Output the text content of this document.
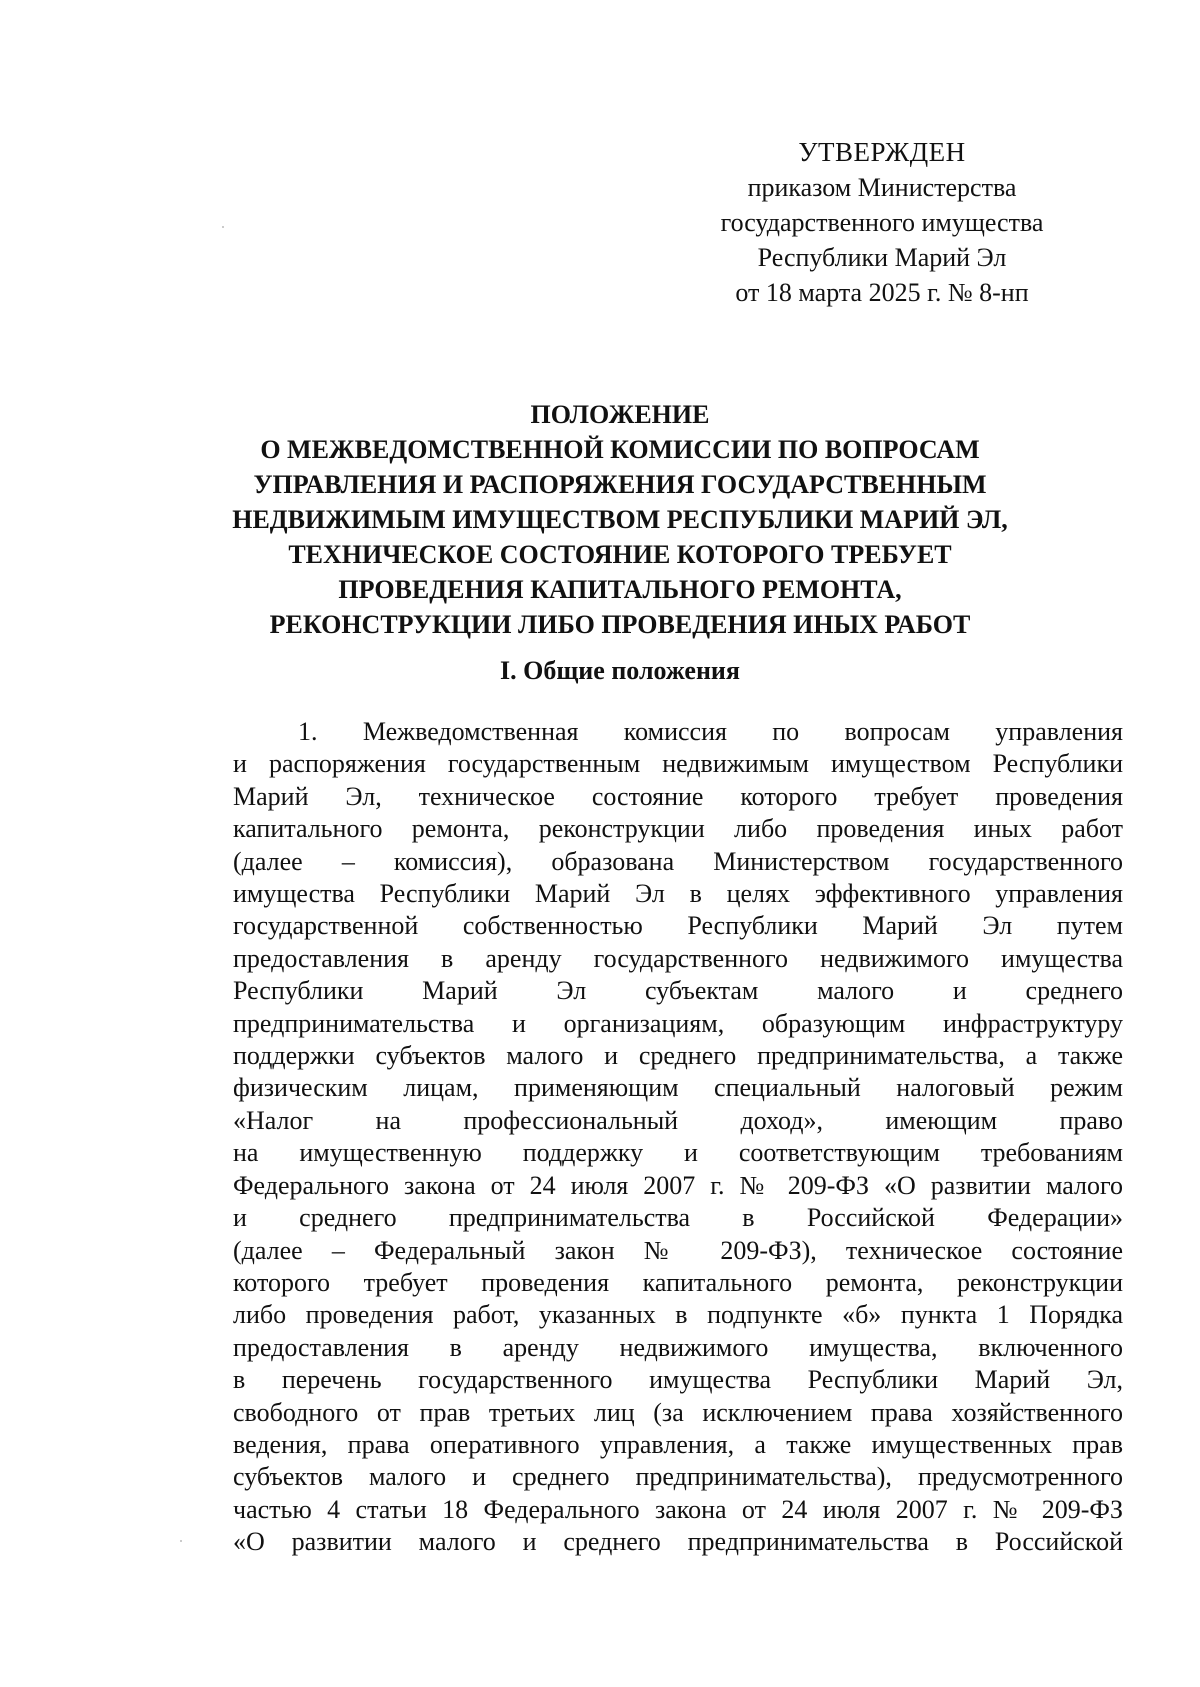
УТВЕРЖДЕН
приказом Министерства
государственного имущества
Республики Марий Эл
от 18 марта 2025 г. № 8-нп
ПОЛОЖЕНИЕ
О МЕЖВЕДОМСТВЕННОЙ КОМИССИИ ПО ВОПРОСАМ
УПРАВЛЕНИЯ И РАСПОРЯЖЕНИЯ ГОСУДАРСТВЕННЫМ
НЕДВИЖИМЫМ ИМУЩЕСТВОМ РЕСПУБЛИКИ МАРИЙ ЭЛ,
ТЕХНИЧЕСКОЕ СОСТОЯНИЕ КОТОРОГО ТРЕБУЕТ
ПРОВЕДЕНИЯ КАПИТАЛЬНОГО РЕМОНТА,
РЕКОНСТРУКЦИИ ЛИБО ПРОВЕДЕНИЯ ИНЫХ РАБОТ
I. Общие положения
1. Межведомственная комиссия по вопросам управления
и распоряжения государственным недвижимым имуществом Республики
Марий Эл, техническое состояние которого требует проведения
капитального ремонта, реконструкции либо проведения иных работ
(далее – комиссия), образована Министерством государственного
имущества Республики Марий Эл в целях эффективного управления
государственной собственностью Республики Марий Эл путем
предоставления в аренду государственного недвижимого имущества
Республики Марий Эл субъектам малого и среднего
предпринимательства и организациям, образующим инфраструктуру
поддержки субъектов малого и среднего предпринимательства, а также
физическим лицам, применяющим специальный налоговый режим
«Налог на профессиональный доход», имеющим право
на имущественную поддержку и соответствующим требованиям
Федерального закона от 24 июля 2007 г. № 209-ФЗ «О развитии малого
и среднего предпринимательства в Российской Федерации»
(далее – Федеральный закон № 209-ФЗ), техническое состояние
которого требует проведения капитального ремонта, реконструкции
либо проведения работ, указанных в подпункте «б» пункта 1 Порядка
предоставления в аренду недвижимого имущества, включенного
в перечень государственного имущества Республики Марий Эл,
свободного от прав третьих лиц (за исключением права хозяйственного
ведения, права оперативного управления, а также имущественных прав
субъектов малого и среднего предпринимательства), предусмотренного
частью 4 статьи 18 Федерального закона от 24 июля 2007 г. № 209-ФЗ
«О развитии малого и среднего предпринимательства в Российской
